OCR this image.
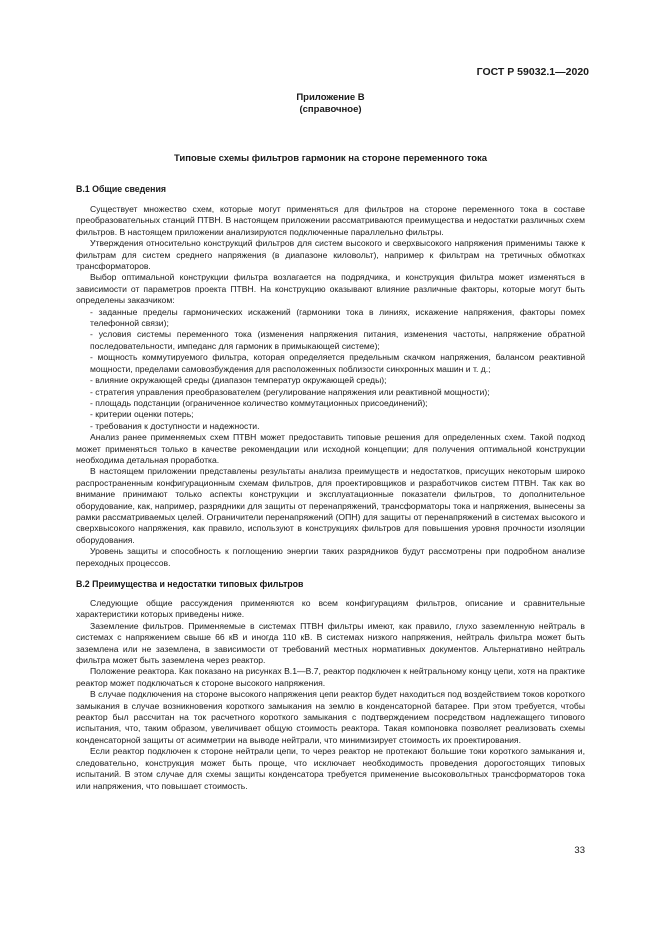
ГОСТ Р 59032.1—2020
Приложение В
(справочное)
Типовые схемы фильтров гармоник на стороне переменного тока
В.1 Общие сведения

Существует множество схем, которые могут применяться для фильтров на стороне переменного тока в составе преобразовательных станций ПТВН. В настоящем приложении рассматриваются преимущества и недостатки различных схем фильтров. В настоящем приложении анализируются подключенные параллельно фильтры.

Утверждения относительно конструкций фильтров для систем высокого и сверхвысокого напряжения применимы также к фильтрам для систем среднего напряжения (в диапазоне киловольт), например к фильтрам на третичных обмотках трансформаторов.

Выбор оптимальной конструкции фильтра возлагается на подрядчика, и конструкция фильтра может изменяться в зависимости от параметров проекта ПТВН. На конструкцию оказывают влияние различные факторы, которые могут быть определены заказчиком:

- заданные пределы гармонических искажений (гармоники тока в линиях, искажение напряжения, факторы помех телефонной связи);

- условия системы переменного тока (изменения напряжения питания, изменения частоты, напряжение обратной последовательности, импеданс для гармоник в примыкающей системе);

- мощность коммутируемого фильтра, которая определяется предельным скачком напряжения, балансом реактивной мощности, пределами самовозбуждения для расположенных поблизости синхронных машин и т. д.;

- влияние окружающей среды (диапазон температур окружающей среды);

- стратегия управления преобразователем (регулирование напряжения или реактивной мощности);

- площадь подстанции (ограниченное количество коммутационных присоединений);

- критерии оценки потерь;

- требования к доступности и надежности.

Анализ ранее применяемых схем ПТВН может предоставить типовые решения для определенных схем. Такой подход может применяться только в качестве рекомендации или исходной концепции; для получения оптимальной конструкции необходима детальная проработка.

В настоящем приложении представлены результаты анализа преимуществ и недостатков, присущих некоторым широко распространенным конфигурационным схемам фильтров, для проектировщиков и разработчиков систем ПТВН. Так как во внимание принимают только аспекты конструкции и эксплуатационные показатели фильтров, то дополнительное оборудование, как, например, разрядники для защиты от перенапряжений, трансформаторы тока и напряжения, вынесены за рамки рассматриваемых целей. Ограничители перенапряжений (ОПН) для защиты от перенапряжений в системах высокого и сверхвысокого напряжения, как правило, используют в конструкциях фильтров для повышения уровня прочности изоляции оборудования.

Уровень защиты и способность к поглощению энергии таких разрядников будут рассмотрены при подробном анализе переходных процессов.

В.2 Преимущества и недостатки типовых фильтров

Следующие общие рассуждения применяются ко всем конфигурациям фильтров, описание и сравнительные характеристики которых приведены ниже.

Заземление фильтров. Применяемые в системах ПТВН фильтры имеют, как правило, глухо заземленную нейтраль в системах с напряжением свыше 66 кВ и иногда 110 кВ. В системах низкого напряжения, нейтраль фильтра может быть заземлена или не заземлена, в зависимости от требований местных нормативных документов. Альтернативно нейтраль фильтра может быть заземлена через реактор.

Положение реактора. Как показано на рисунках В.1—В.7, реактор подключен к нейтральному концу цепи, хотя на практике реактор может подключаться к стороне высокого напряжения.

В случае подключения на стороне высокого напряжения цепи реактор будет находиться под воздействием токов короткого замыкания в случае возникновения короткого замыкания на землю в конденсаторной батарее. При этом требуется, чтобы реактор был рассчитан на ток расчетного короткого замыкания с подтверждением посредством надлежащего типового испытания, что, таким образом, увеличивает общую стоимость реактора. Такая компоновка позволяет реализовать схемы конденсаторной защиты от асимметрии на выводе нейтрали, что минимизирует стоимость их проектирования.

Если реактор подключен к стороне нейтрали цепи, то через реактор не протекают большие токи короткого замыкания и, следовательно, конструкция может быть проще, что исключает необходимость проведения дорогостоящих типовых испытаний. В этом случае для схемы защиты конденсатора требуется применение высоковольтных трансформаторов тока или напряжения, что повышает стоимость.

33
